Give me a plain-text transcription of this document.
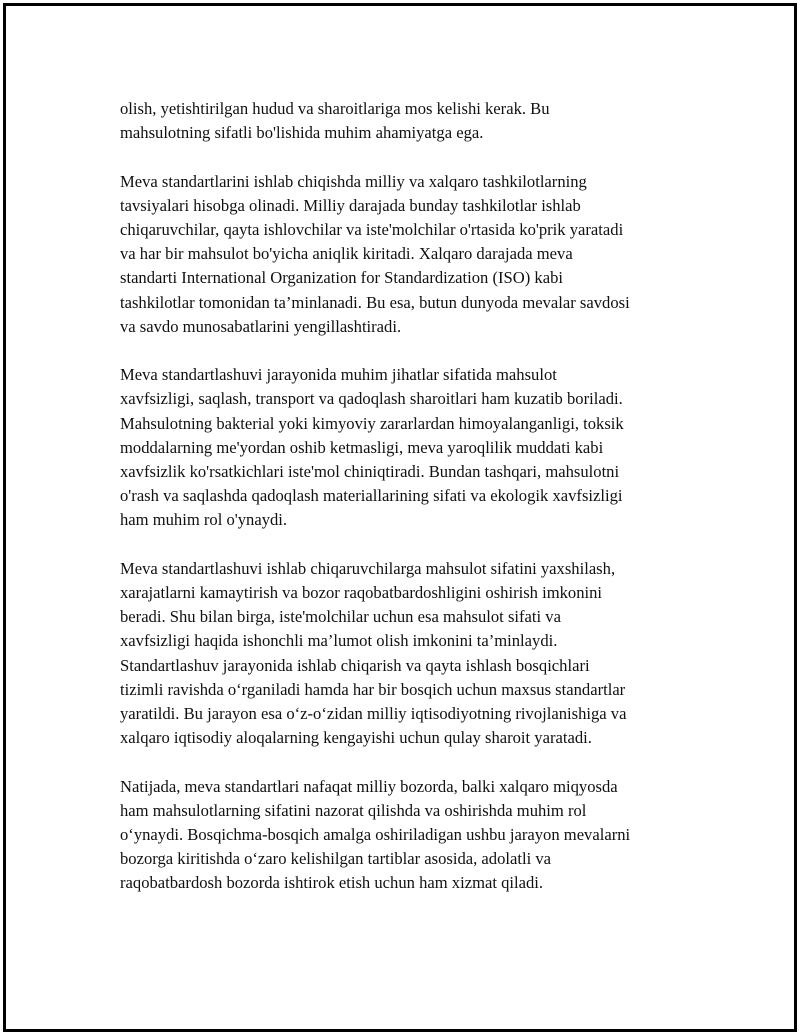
olish, yetishtirilgan hudud va sharoitlariga mos kelishi kerak. Bu
mahsulotning sifatli bo'lishida muhim ahamiyatga ega.

Meva standartlarini ishlab chiqishda milliy va xalqaro tashkilotlarning
tavsiyalari hisobga olinadi. Milliy darajada bunday tashkilotlar ishlab
chiqaruvchilar, qayta ishlovchilar va iste'molchilar o'rtasida ko'prik yaratadi
va har bir mahsulot bo'yicha aniqlik kiritadi. Xalqaro darajada meva
standarti International Organization for Standardization (ISO) kabi
tashkilotlar tomonidan ta’minlanadi. Bu esa, butun dunyoda mevalar savdosi
va savdo munosabatlarini yengillashtiradi.

Meva standartlashuvi jarayonida muhim jihatlar sifatida mahsulot
xavfsizligi, saqlash, transport va qadoqlash sharoitlari ham kuzatib boriladi.
Mahsulotning bakterial yoki kimyoviy zararlardan himoyalanganligi, toksik
moddalarning me'yordan oshib ketmasligi, meva yaroqlilik muddati kabi
xavfsizlik ko'rsatkichlari iste'mol chiniqtiradi. Bundan tashqari, mahsulotni
o'rash va saqlashda qadoqlash materiallarining sifati va ekologik xavfsizligi
ham muhim rol o'ynaydi.

Meva standartlashuvi ishlab chiqaruvchilarga mahsulot sifatini yaxshilash,
xarajatlarni kamaytirish va bozor raqobatbardoshligini oshirish imkonini
beradi. Shu bilan birga, iste'molchilar uchun esa mahsulot sifati va
xavfsizligi haqida ishonchli ma’lumot olish imkonini ta’minlaydi.
Standartlashuv jarayonida ishlab chiqarish va qayta ishlash bosqichlari
tizimli ravishda o‘rganiladi hamda har bir bosqich uchun maxsus standartlar
yaratildi. Bu jarayon esa o‘z-o‘zidan milliy iqtisodiyotning rivojlanishiga va
xalqaro iqtisodiy aloqalarning kengayishi uchun qulay sharoit yaratadi.

Natijada, meva standartlari nafaqat milliy bozorda, balki xalqaro miqyosda
ham mahsulotlarning sifatini nazorat qilishda va oshirishda muhim rol
o‘ynaydi. Bosqichma-bosqich amalga oshiriladigan ushbu jarayon mevalarni
bozorga kiritishda o‘zaro kelishilgan tartiblar asosida, adolatli va
raqobatbardosh bozorda ishtirok etish uchun ham xizmat qiladi.
